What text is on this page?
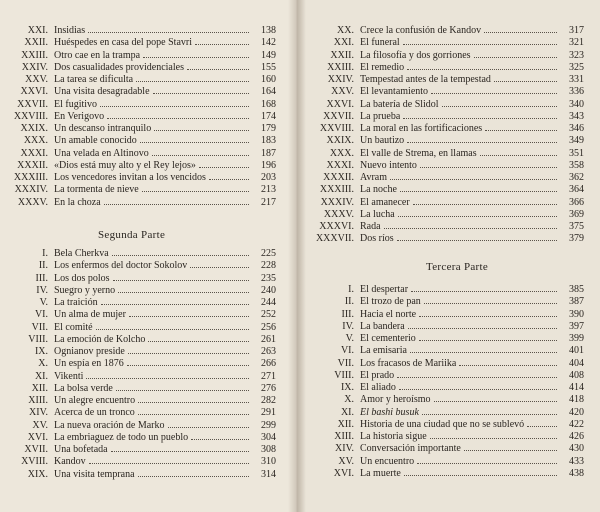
XXI. Insidias	138
XXII. Huéspedes en casa del pope Stavri	142
XXIII. Otro cae en la trampa	149
XXIV. Dos casualidades providenciales	155
XXV. La tarea se dificulta	160
XXVI. Una visita desagradable	164
XXVII. El fugitivo	168
XXVIII. En Verigovo	174
XXIX. Un descanso intranquilo	179
XXX. Un amable conocido	183
XXXI. Una velada en Altinovo	187
XXXII. «Dios está muy alto y el Rey lejos»	196
XXXIII. Los vencedores invitan a los vencidos	203
XXXIV. La tormenta de nieve	213
XXXV. En la choza	217
Segunda Parte
I. Bela Cherkva	225
II. Los enfermos del doctor Sokolov	228
III. Los dos polos	235
IV. Suegro y yerno	240
V. La traición	244
VI. Un alma de mujer	252
VII. El comité	256
VIII. La emoción de Kolcho	261
IX. Ognianov preside	263
X. Un espía en 1876	266
XI. Vikenti	271
XII. La bolsa verde	276
XIII. Un alegre encuentro	282
XIV. Acerca de un tronco	291
XV. La nueva oración de Marko	299
XVI. La embriaguez de todo un pueblo	304
XVII. Una bofetada	308
XVIII. Kandov	310
XIX. Una visita temprana	314
XX. Crece la confusión de Kandov	317
XXI. El funeral	321
XXII. La filosofía y dos gorriones	323
XXIII. El remedio	325
XXIV. Tempestad antes de la tempestad	331
XXV. El levantamiento	336
XXVI. La batería de Slidol	340
XXVII. La prueba	343
XXVIII. La moral en las fortificaciones	346
XXIX. Un bautizo	349
XXX. El valle de Strema, en llamas	351
XXXI. Nuevo intento	358
XXXII. Avram	362
XXXIII. La noche	364
XXXIV. El amanecer	366
XXXV. La lucha	369
XXXVI. Rada	375
XXXVII. Dos ríos	379
Tercera Parte
I. El despertar	385
II. El trozo de pan	387
III. Hacia el norte	390
IV. La bandera	397
V. El cementerio	399
VI. La emisaria	401
VII. Los fracasos de Mariika	404
VIII. El prado	408
IX. El aliado	414
X. Amor y heroísmo	418
XI. El bashi busuk	420
XII. Historia de una ciudad que no se sublevó	422
XIII. La historia sigue	426
XIV. Conversación importante	430
XV. Un encuentro	433
XVI. La muerte	438
